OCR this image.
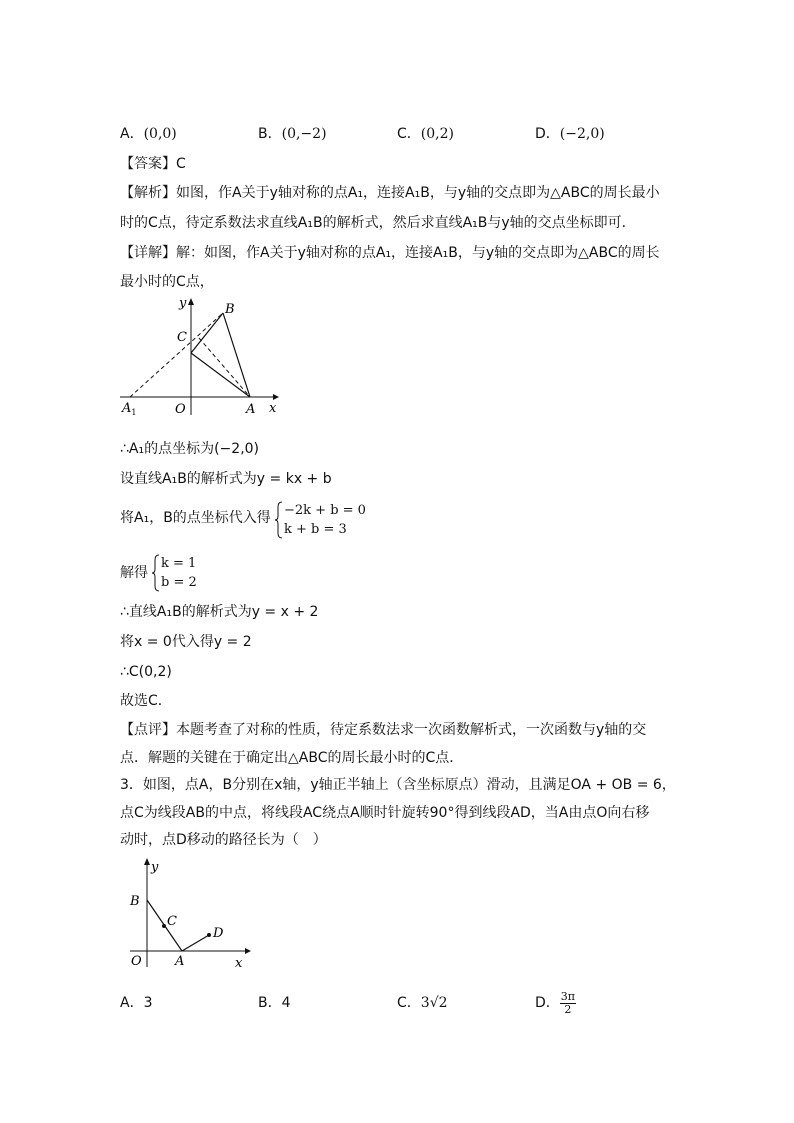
A．(0,0)	B．(0,−2)	C．(0,2)	D．(−2,0)
【答案】C
【解析】如图，作A关于y轴对称的点A₁，连接A₁B，与y轴的交点即为△ABC的周长最小
时的C点，待定系数法求直线A₁B的解析式，然后求直线A₁B与y轴的交点坐标即可．
【详解】解：如图，作A关于y轴对称的点A₁，连接A₁B，与y轴的交点即为△ABC的周长
最小时的C点，
y	B
C
O	A x
$A_1$
∴A₁的点坐标为(−2,0)
设直线A₁B的解析式为y = kx + b
将A₁，B的点坐标代入得 −2k + b = 0
k + b = 3
解得
k = 1
b = 2
∴直线A₁B的解析式为y = x + 2
将x = 0代入得y = 2
∴C(0,2)
故选C．
【点评】本题考查了对称的性质，待定系数法求一次函数解析式，一次函数与y轴的交
点．解题的关键在于确定出△ABC的周长最小时的C点．
3．如图，点A，B分别在x轴，y轴正半轴上（含坐标原点）滑动，且满足OA + OB = 6，
点C为线段AB的中点，将线段AC绕点A顺时针旋转90°得到线段AD，当A由点O向右移
动时，点D移动的路径长为（　）
y
B
C
D
O	A	x
A．3	B．4	C．3√2	D． $\frac{3\pi}{2}$
